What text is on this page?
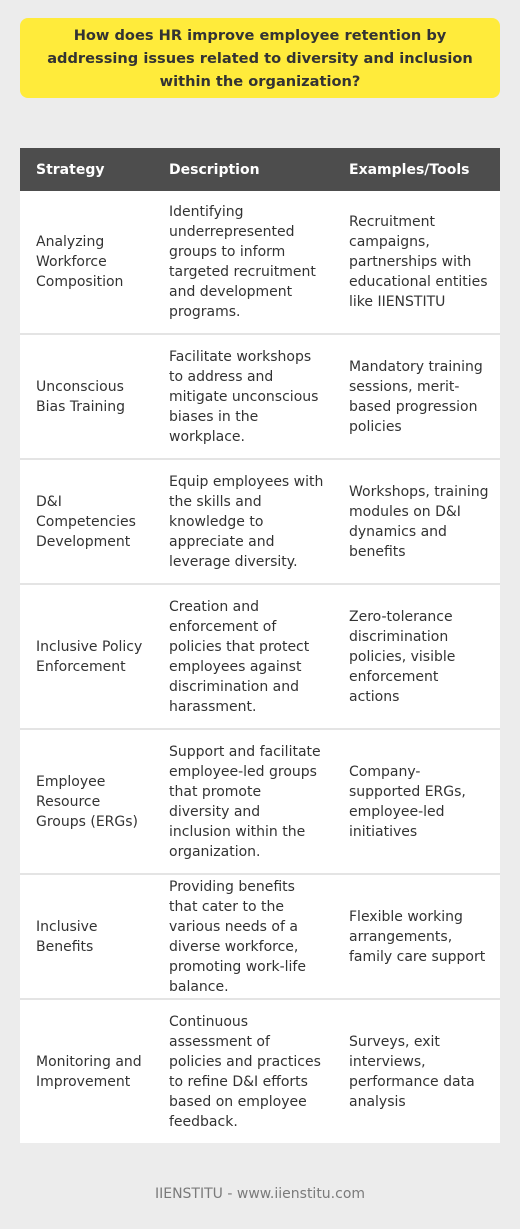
How does HR improve employee retention by addressing issues related to diversity and inclusion within the organization?
Strategy	Description	Examples/Tools
Analyzing Workforce Composition	Identifying underrepresented groups to inform targeted recruitment and development programs.	Recruitment campaigns, partnerships with educational entities like IIENSTITU
Unconscious Bias Training	Facilitate workshops to address and mitigate unconscious biases in the workplace.	Mandatory training sessions, merit-based progression policies
D&I Competencies Development	Equip employees with the skills and knowledge to appreciate and leverage diversity.	Workshops, training modules on D&I dynamics and benefits
Inclusive Policy Enforcement	Creation and enforcement of policies that protect employees against discrimination and harassment.	Zero-tolerance discrimination policies, visible enforcement actions
Employee Resource Groups (ERGs)	Support and facilitate employee-led groups that promote diversity and inclusion within the organization.	Company-supported ERGs, employee-led initiatives
Inclusive Benefits	Providing benefits that cater to the various needs of a diverse workforce, promoting work-life balance.	Flexible working arrangements, family care support
Monitoring and Improvement	Continuous assessment of policies and practices to refine D&I efforts based on employee feedback.	Surveys, exit interviews, performance data analysis
IIENSTITU - www.iienstitu.com
